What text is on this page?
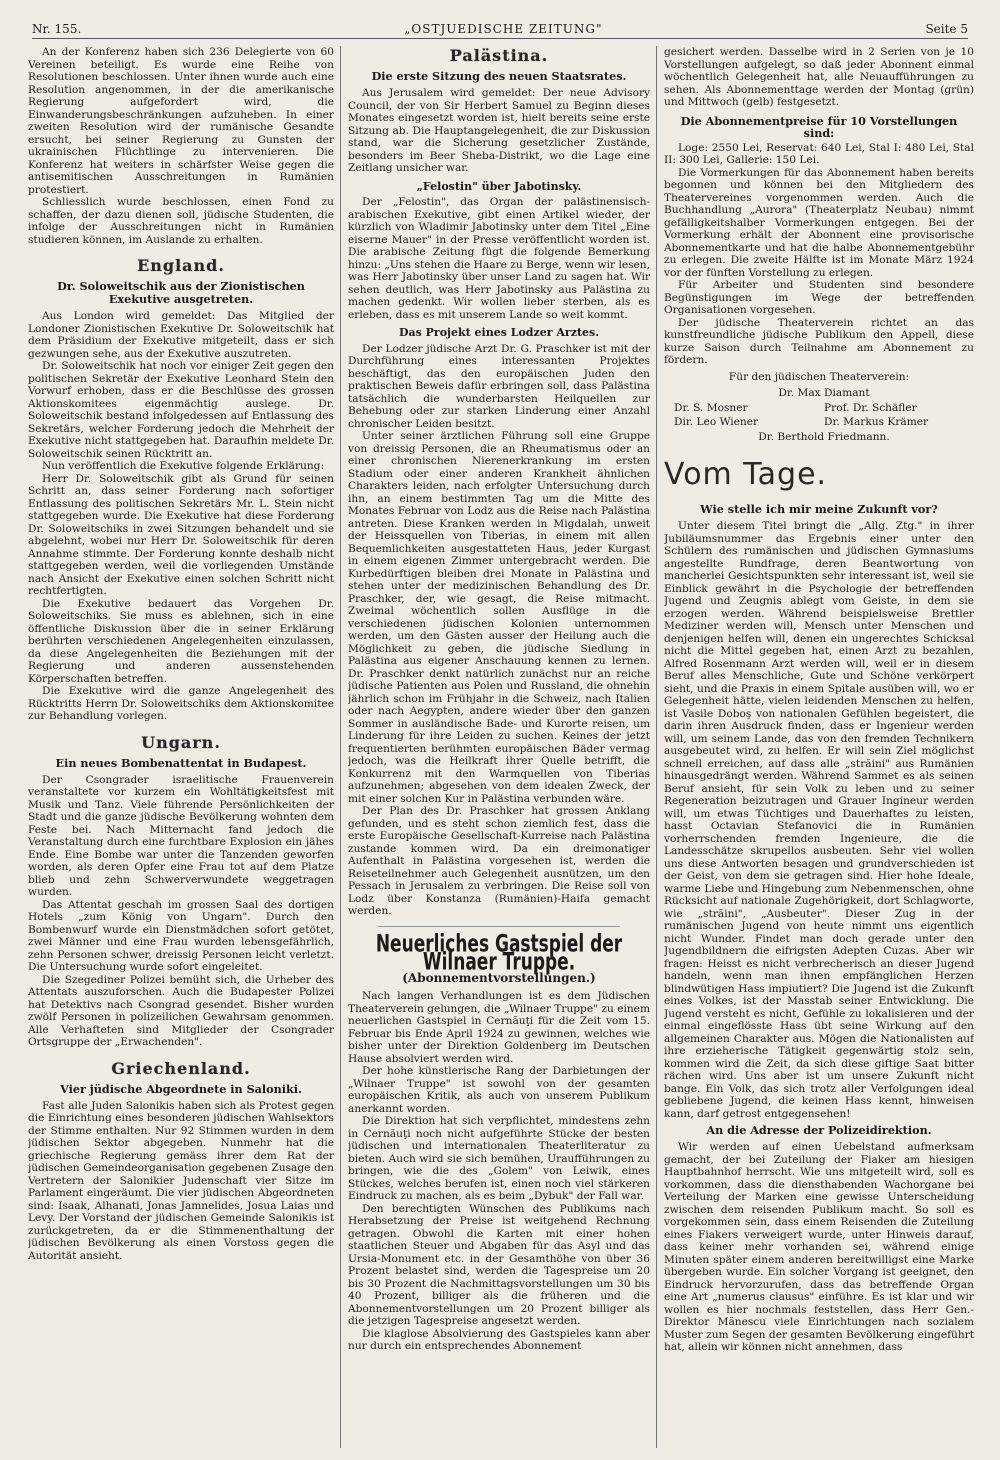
Nr. 155.	„OSTJUEDISCHE ZEITUNG"	Seite 5

An der Konferenz haben sich 236 Delegierte von 60 Vereinen beteiligt. Es wurde eine Reihe von Resolutionen beschlossen. Unter ihnen wurde auch eine Resolution angenommen, in der die amerikanische Regierung aufgefordert wird, die Einwanderungsbeschränkungen aufzuheben. In einer zweiten Resolution wird der rumänische Gesandte ersucht, bei seiner Regierung zu Gunsten der ukrainischen Flüchtlinge zu intervenieren. Die Konferenz hat weiters in schärfster Weise gegen die antisemitischen Ausschreitungen in Rumänien protestiert.

Schliesslich wurde beschlossen, einen Fond zu schaffen, der dazu dienen soll, jüdische Studenten, die infolge der Ausschreitungen nicht in Rumänien studieren können, im Auslande zu erhalten.

England.
Dr. Soloweitschik aus der Zionistischen Exekutive ausgetreten.

Aus London wird gemeldet: Das Mitglied der Londoner Zionistischen Exekutive Dr. Soloweitschik hat dem Präsidium der Exekutive mitgeteilt, dass er sich gezwungen sehe, aus der Exekutive auszutreten.

Dr. Soloweitschik hat noch vor einiger Zeit gegen den politischen Sekretär der Exekutive Leonhard Stein den Vorwurf erhoben, dass er die Beschlüsse des grossen Aktionskomitees eigenmächtig auslege. Dr. Soloweitschik bestand infolgedessen auf Entlassung des Sekretärs, welcher Forderung jedoch die Mehrheit der Exekutive nicht stattgegeben hat. Daraufhin meldete Dr. Soloweitschik seinen Rücktritt an.

Nun veröffentlich die Exekutive folgende Erklärung:

Herr Dr. Soloweitschik gibt als Grund für seinen Schritt an, dass seiner Forderung nach sofortiger Entlassung des politischen Sekretärs Mr. L. Stein nicht stattgegeben wurde. Die Exekutive hat diese Forderung Dr. Soloweitschiks in zwei Sitzungen behandelt und sie abgelehnt, wobei nur Herr Dr. Soloweitschik für deren Annahme stimmte. Der Forderung konnte deshalb nicht stattgegeben werden, weil die vorliegenden Umstände nach Ansicht der Exekutive einen solchen Schritt nicht rechtfertigten.

Die Exekutive bedauert das Vorgehen Dr. Soloweitschiks. Sie muss es ablehnen, sich in eine öffentliche Diskussion über die in seiner Erklärung berührten verschiedenen Angelegenheiten einzulassen, da diese Angelegenheiten die Beziehungen mit der Regierung und anderen aussenstehenden Körperschaften betreffen.

Die Exekutive wird die ganze Angelegenheit des Rücktritts Herrn Dr. Soloweitschiks dem Aktionskomitee zur Behandlung vorlegen.

Ungarn.
Ein neues Bombenattentat in Budapest.

Der Csongrader israelitische Frauenverein veranstaltete vor kurzem ein Wohltätigkeitsfest mit Musik und Tanz. Viele führende Persönlichkeiten der Stadt und die ganze jüdische Bevölkerung wohnten dem Feste bei. Nach Mitternacht fand jedoch die Veranstaltung durch eine furchtbare Explosion ein jähes Ende. Eine Bombe war unter die Tanzenden geworfen worden, als deren Opfer eine Frau tot auf dem Platze blieb und zehn Schwerverwundete weggetragen wurden.

Das Attentat geschah im grossen Saal des dortigen Hotels „zum König von Ungarn". Durch den Bombenwurf wurde ein Dienstmädchen sofort getötet, zwei Männer und eine Frau wurden lebensgefährlich, zehn Personen schwer, dreissig Personen leicht verletzt. Die Untersuchung wurde sofort eingeleitet.

Die Szegediner Polizei bemüht sich, die Urheber des Attentats auszuforschen. Auch die Budapester Polizei hat Detektivs nach Csongrad gesendet. Bisher wurden zwölf Personen in polizeilichen Gewahrsam genommen. Alle Verhafteten sind Mitglieder der Csongrader Ortsgruppe der „Erwachenden".

Griechenland.
Vier jüdische Abgeordnete in Saloniki.

Fast alle Juden Salonikis haben sich als Protest gegen die Einrichtung eines besonderen jüdischen Wahlsektors der Stimme enthalten. Nur 92 Stimmen wurden in dem jüdischen Sektor abgegeben. Nunmehr hat die griechische Regierung gemäss ihrer dem Rat der jüdischen Gemeindeorganisation gegebenen Zusage den Vertretern der Salonikier Judenschaft vier Sitze im Parlament eingeräumt. Die vier jüdischen Abgeordneten sind: Isaak, Alhanati, Jonas Jamnelides, Josua Laias und Levy. Der Vorstand der jüdischen Gemeinde Salonikis ist zurückgetreten, da er die Stimmenenthaltung der jüdischen Bevölkerung als einen Vorstoss gegen die Autorität ansieht.

Palästina.
Die erste Sitzung des neuen Staatsrates.

Aus Jerusalem wird gemeldet: Der neue Advisory Council, der von Sir Herbert Samuel zu Beginn dieses Monates eingesetzt worden ist, hielt bereits seine erste Sitzung ab. Die Hauptangelegenheit, die zur Diskussion stand, war die Sicherung gesetzlicher Zustände, besonders im Beer Sheba-Distrikt, wo die Lage eine Zeitlang unsicher war.

„Felostin" über Jabotinsky.

Der „Felostin", das Organ der palästinensisch-arabischen Exekutive, gibt einen Artikel wieder, der kürzlich von Wladimir Jabotinsky unter dem Titel „Eine eiserne Mauer" in der Presse veröffentlicht worden ist. Die arabische Zeitung fügt die folgende Bemerkung hinzu: „Uns stehen die Haare zu Berge, wenn wir lesen, was Herr Jabotinsky über unser Land zu sagen hat. Wir sehen deutlich, was Herr Jabotinsky aus Palästina zu machen gedenkt. Wir wollen lieber sterben, als es erleben, dass es mit unserem Lande so weit kommt.

Das Projekt eines Lodzer Arztes.

Der Lodzer jüdische Arzt Dr. G. Praschker ist mit der Durchführung eines interessanten Projektes beschäftigt, das den europäischen Juden den praktischen Beweis dafür erbringen soll, dass Palästina tatsächlich die wunderbarsten Heilquellen zur Behebung oder zur starken Linderung einer Anzahl chronischer Leiden besitzt.

Unter seiner ärztlichen Führung soll eine Gruppe von dreissig Personen, die an Rheumatismus oder an einer chronischen Nierenerkrankung im ersten Stadium oder einer anderen Krankheit ähnlichen Charakters leiden, nach erfolgter Untersuchung durch ihn, an einem bestimmten Tag um die Mitte des Monates Februar von Lodz aus die Reise nach Palästina antreten. Diese Kranken werden in Migdalah, unweit der Heissquellen von Tiberias, in einem mit allen Bequemlichkeiten ausgestatteten Haus, jeder Kurgast in einem eigenen Zimmer untergebracht werden. Die Kurbedürftigen bleiben drei Monate in Palästina und stehen unter der medizinischen Behandlung des Dr. Praschker, der, wie gesagt, die Reise mitmacht. Zweimal wöchentlich sollen Ausflüge in die verschiedenen jüdischen Kolonien unternommen werden, um den Gästen ausser der Heilung auch die Möglichkeit zu geben, die jüdische Siedlung in Palästina aus eigener Anschauung kennen zu lernen. Dr. Praschker denkt natürlich zunächst nur an reiche jüdische Patienten aus Polen und Russland, die ohnehin jährlich schon im Frühjahr in die Schweiz, nach Italien oder nach Aegypten, andere wieder über den ganzen Sommer in ausländische Bade- und Kurorte reisen, um Linderung für ihre Leiden zu suchen. Keines der jetzt frequentierten berühmten europäischen Bäder vermag jedoch, was die Heilkraft ihrer Quelle betrifft, die Konkurrenz mit den Warmquellen von Tiberias aufzunehmen; abgesehen von dem idealen Zweck, der mit einer solchen Kur in Palästina verbunden wäre.

Der Plan des Dr. Praschker hat grossen Anklang gefunden, und es steht schon ziemlich fest, dass die erste Europäische Gesellschaft-Kurreise nach Palästina zustande kommen wird. Da ein dreimonatiger Aufenthalt in Palästina vorgesehen ist, werden die Reiseteilnehmer auch Gelegenheit ausnützen, um den Pessach in Jerusalem zu verbringen. Die Reise soll von Lodz über Konstanza (Rumänien)-Haifa gemacht werden.

Neuerliches Gastspiel der Wilnaer Truppe.
(Abonnementvorstellungen.)

Nach langen Verhandlungen ist es dem Jüdischen Theaterverein gelungen, die „Wilnaer Truppe" zu einem neuerlichen Gastspiel in Cernăuţi für die Zeit vom 15. Februar bis Ende April 1924 zu gewinnen, welches wie bisher unter der Direktion Goldenberg im Deutschen Hause absolviert werden wird.

Der hohe künstlerische Rang der Darbietungen der „Wilnaer Truppe" ist sowohl von der gesamten europäischen Kritik, als auch von unserem Publikum anerkannt worden.

Die Direktion hat sich verpflichtet, mindestens zehn in Cernăuţi noch nicht aufgeführte Stücke der besten jüdischen und internationalen Theaterliteratur zu bieten. Auch wird sie sich bemühen, Uraufführungen zu bringen, wie die des „Golem" von Leiwik, eines Stückes, welches berufen ist, einen noch viel stärkeren Eindruck zu machen, als es beim „Dybuk" der Fall war.

Den berechtigten Wünschen des Publikums nach Herabsetzung der Preise ist weitgehend Rechnung getragen. Obwohl die Karten mit einer hohen staatlichen Steuer und Abgaben für das Asyl und das Ursia-Monument etc. in der Gesamthöhe von über 36 Prozent belastet sind, werden die Tagespreise um 20 bis 30 Prozent die Nachmittagsvorstellungen um 30 bis 40 Prozent, billiger als die früheren und die Abonnementvorstellungen um 20 Prozent billiger als die jetzigen Tagespreise angesetzt werden.

Die klaglose Absolvierung des Gastspieles kann aber nur durch ein entsprechendes Abonnement

gesichert werden. Dasselbe wird in 2 Serien von je 10 Vorstellungen aufgelegt, so daß jeder Abonnent einmal wöchentlich Gelegenheit hat, alle Neuaufführungen zu sehen. Als Abonnementtage werden der Montag (grün) und Mittwoch (gelb) festgesetzt.

Die Abonnementpreise für 10 Vorstellungen sind:

Loge: 2550 Lei, Reservat: 640 Lei, Stal I: 480 Lei, Stal II: 300 Lei, Gallerie: 150 Lei.

Die Vormerkungen für das Abonnement haben bereits begonnen und können bei den Mitgliedern des Theatervereines vorgenommen werden. Auch die Buchhandlung „Aurora" (Theaterplatz Neubau) nimmt gefälligkeitshalber Vormerkungen entgegen. Bei der Vormerkung erhält der Abonnent eine provisorische Abonnementkarte und hat die halbe Abonnementgebühr zu erlegen. Die zweite Hälfte ist im Monate März 1924 vor der fünften Vorstellung zu erlegen.

Für Arbeiter und Studenten sind besondere Begünstigungen im Wege der betreffenden Organisationen vorgesehen.

Der jüdische Theaterverein richtet an das kunstfreundliche jüdische Publikum den Appell, diese kurze Saison durch Teilnahme am Abonnement zu fördern.

Für den jüdischen Theaterverein:
Dr. Max Diamant
Dr. S. Mosner	Prof. Dr. Schäfler
Dir. Leo Wiener	Dr. Markus Krämer
Dr. Berthold Friedmann.
Vom Tage.
Wie stelle ich mir meine Zukunft vor?

Unter diesem Titel bringt die „Allg. Ztg." in ihrer Jubiläumsnummer das Ergebnis einer unter den Schülern des rumänischen und jüdischen Gymnasiums angestellte Rundfrage, deren Beantwortung von mancherlei Gesichtspunkten sehr interessant ist, weil sie Einblick gewährt in die Psychologie der betreffenden Jugend und Zeugnis ablegt vom Geiste, in dem sie erzogen werden. Während beispielsweise Brettler Mediziner werden will, Mensch unter Menschen und denjenigen helfen will, denen ein ungerechtes Schicksal nicht die Mittel gegeben hat, einen Arzt zu bezahlen, Alfred Rosenmann Arzt werden will, weil er in diesem Beruf alles Menschliche, Gute und Schöne verkörpert sieht, und die Praxis in einem Spitale ausüben will, wo er Gelegenheit hätte, vielen leidenden Menschen zu helfen, ist Vasile Doboş von nationalen Gefühlen begeistert, die darin ihren Ausdruck finden, dass er Ingenieur werden will, um seinem Lande, das von den fremden Technikern ausgebeutet wird, zu helfen. Er will sein Ziel möglichst schnell erreichen, auf dass alle „străini" aus Rumänien hinausgedrängt werden. Während Sammet es als seinen Beruf ansieht, für sein Volk zu leben und zu seiner Regeneration beizutragen und Grauer Ingineur werden will, um etwas Tüchtiges und Dauerhaftes zu leisten, hasst Octavian Stefanovici die in Rumänien vorherrschenden fremden Ingenieure, die die Landesschätze skrupellos ausbeuten. Sehr viel wollen uns diese Antworten besagen und grundverschieden ist der Geist, von dem sie getragen sind. Hier hohe Ideale, warme Liebe und Hingebung zum Nebenmenschen, ohne Rücksicht auf nationale Zugehörigkeit, dort Schlagworte, wie „străini", „Ausbeuter". Dieser Zug in der rumänischen Jugend von heute nimmt uns eigentlich nicht Wunder. Findet man doch gerade unter den Jugendbildnern die eifrigsten Adepten Cuzas. Aber wir fragen: Heisst es nicht verbrecherisch an dieser Jugend handeln, wenn man ihnen empfänglichen Herzen blindwütigen Hass impiutiert? Die Jugend ist die Zukunft eines Volkes, ist der Masstab seiner Entwicklung. Die Jugend versteht es nicht, Gefühle zu lokalisieren und der einmal eingeflösste Hass übt seine Wirkung auf den allgemeinen Charakter aus. Mögen die Nationalisten auf ihre erzieherische Tätigkeit gegenwärtig stolz sein, kommen wird die Zeit, da sich diese giftige Saat bitter rächen wird. Uns aber ist um unsere Zukunft nicht bange. Ein Volk, das sich trotz aller Verfolgungen ideal gebliebene Jugend, die keinen Hass kennt, hinweisen kann, darf getrost entgegensehen!

An die Adresse der Polizeidirektion.

Wir werden auf einen Uebelstand aufmerksam gemacht, der bei Zuteilung der Fiaker am hiesigen Hauptbahnhof herrscht. Wie uns mitgeteilt wird, soll es vorkommen, dass die diensthabenden Wachorgane bei Verteilung der Marken eine gewisse Unterscheidung zwischen dem reisenden Publikum macht. So soll es vorgekommen sein, dass einem Reisenden die Zuteilung eines Fiakers verweigert wurde, unter Hinweis darauf, dass keiner mehr vorhanden sei, während einige Minuten später einem anderen bereitwilligst eine Marke übergeben wurde. Ein solcher Vorgang ist geeignet, den Eindruck hervorzurufen, dass das betreffende Organ eine Art „numerus clausus" einführe. Es ist klar und wir wollen es hier nochmals feststellen, dass Herr Gen.-Direktor Mănescu viele Einrichtungen nach sozialem Muster zum Segen der gesamten Bevölkerung eingeführt hat, allein wir können nicht annehmen, dass
